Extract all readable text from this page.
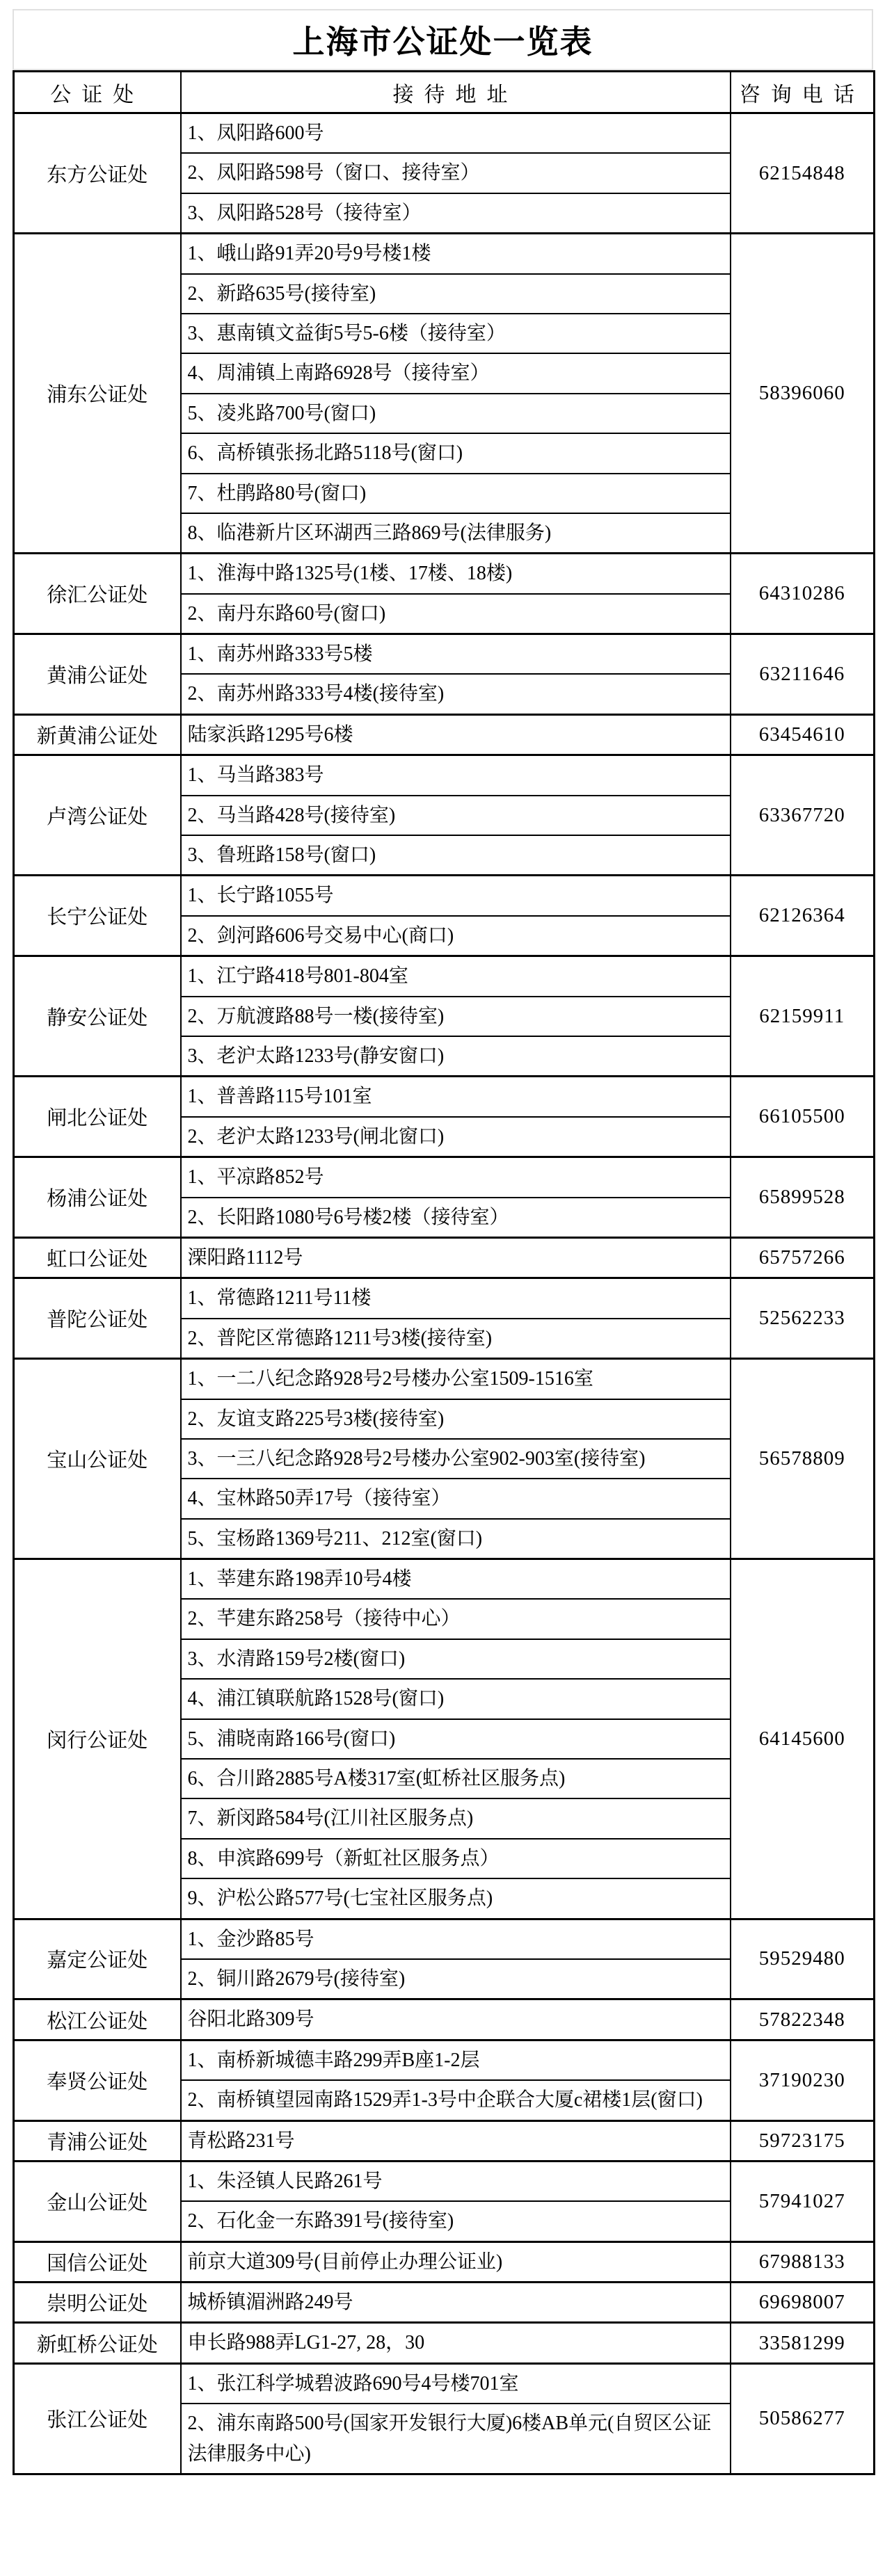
上海市公证处一览表
公证处	接待地址	咨询电话
东方公证处	1、凤阳路600号	62154848
	2、凤阳路598号（窗口、接待室）	
	3、凤阳路528号（接待室）	
浦东公证处	1、峨山路91弄20号9号楼1楼	58396060
	2、新路635号(接待室)	
	3、惠南镇文益街5号5-6楼（接待室）	
	4、周浦镇上南路6928号（接待室）	
	5、凌兆路700号(窗口)	
	6、高桥镇张扬北路5118号(窗口)	
	7、杜鹃路80号(窗口)	
	8、临港新片区环湖西三路869号(法律服务)	
徐汇公证处	1、淮海中路1325号(1楼、17楼、18楼)	64310286
	2、南丹东路60号(窗口)	
黄浦公证处	1、南苏州路333号5楼	63211646
	2、南苏州路333号4楼(接待室)	
新黄浦公证处	陆家浜路1295号6楼	63454610
卢湾公证处	1、马当路383号	63367720
	2、马当路428号(接待室)	
	3、鲁班路158号(窗口)	
长宁公证处	1、长宁路1055号	62126364
	2、剑河路606号交易中心(商口)	
静安公证处	1、江宁路418号801-804室	62159911
	2、万航渡路88号一楼(接待室)	
	3、老沪太路1233号(静安窗口)	
闸北公证处	1、普善路115号101室	66105500
	2、老沪太路1233号(闸北窗口)	
杨浦公证处	1、平凉路852号	65899528
	2、长阳路1080号6号楼2楼（接待室）	
虹口公证处	溧阳路1112号	65757266
普陀公证处	1、常德路1211号11楼	52562233
	2、普陀区常德路1211号3楼(接待室)	
宝山公证处	1、一二八纪念路928号2号楼办公室1509-1516室	56578809
	2、友谊支路225号3楼(接待室)	
	3、一三八纪念路928号2号楼办公室902-903室(接待室)	
	4、宝林路50弄17号（接待室）	
	5、宝杨路1369号211、212室(窗口)	
闵行公证处	1、莘建东路198弄10号4楼	64145600
	2、芊建东路258号（接待中心）	
	3、水清路159号2楼(窗口)	
	4、浦江镇联航路1528号(窗口)	
	5、浦晓南路166号(窗口)	
	6、合川路2885号A楼317室(虹桥社区服务点)	
	7、新闵路584号(江川社区服务点)	
	8、申滨路699号（新虹社区服务点）	
	9、沪松公路577号(七宝社区服务点)	
嘉定公证处	1、金沙路85号	59529480
	2、铜川路2679号(接待室)	
松江公证处	谷阳北路309号	57822348
奉贤公证处	1、南桥新城德丰路299弄B座1-2层	37190230
	2、南桥镇望园南路1529弄1-3号中企联合大厦c裙楼1层(窗口)	
青浦公证处	青松路231号	59723175
金山公证处	1、朱泾镇人民路261号	57941027
	2、石化金一东路391号(接待室)	
国信公证处	前京大道309号(目前停止办理公证业)	67988133
崇明公证处	城桥镇湄洲路249号	69698007
新虹桥公证处	申长路988弄LG1-27, 28，30	33581299
张江公证处	1、张江科学城碧波路690号4号楼701室	50586277
	2、浦东南路500号(国家开发银行大厦)6楼AB单元(自贸区公证法律服务中心)	
